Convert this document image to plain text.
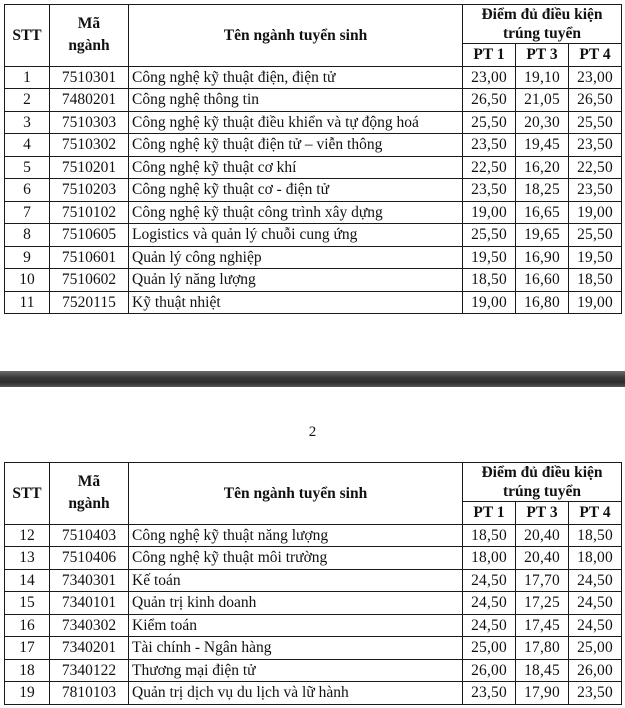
STT	Mã
ngành	Tên ngành tuyển sinh	Điểm đủ điều kiện
trúng tuyển		
			PT 1	PT 3	PT 4
1	7510301	Công nghệ kỹ thuật điện, điện tử	23,00	19,10	23,00
2	7480201	Công nghệ thông tin	26,50	21,05	26,50
3	7510303	Công nghệ kỹ thuật điều khiển và tự động hoá	25,50	20,30	25,50
4	7510302	Công nghệ kỹ thuật điện tử – viễn thông	23,50	19,45	23,50
5	7510201	Công nghệ kỹ thuật cơ khí	22,50	16,20	22,50
6	7510203	Công nghệ kỹ thuật cơ - điện tử	23,50	18,25	23,50
7	7510102	Công nghệ kỹ thuật công trình xây dựng	19,00	16,65	19,00
8	7510605	Logistics và quản lý chuỗi cung ứng	25,50	19,65	25,50
9	7510601	Quản lý công nghiệp	19,50	16,90	19,50
10	7510602	Quản lý năng lượng	18,50	16,60	18,50
11	7520115	Kỹ thuật nhiệt	19,00	16,80	19,00
2
STT	Mã
ngành	Tên ngành tuyển sinh	Điểm đủ điều kiện
trúng tuyển		
			PT 1	PT 3	PT 4
12	7510403	Công nghệ kỹ thuật năng lượng	18,50	20,40	18,50
13	7510406	Công nghệ kỹ thuật môi trường	18,00	20,40	18,00
14	7340301	Kế toán	24,50	17,70	24,50
15	7340101	Quản trị kinh doanh	24,50	17,25	24,50
16	7340302	Kiểm toán	24,50	17,45	24,50
17	7340201	Tài chính - Ngân hàng	25,00	17,80	25,00
18	7340122	Thương mại điện tử	26,00	18,45	26,00
19	7810103	Quản trị dịch vụ du lịch và lữ hành	23,50	17,90	23,50
